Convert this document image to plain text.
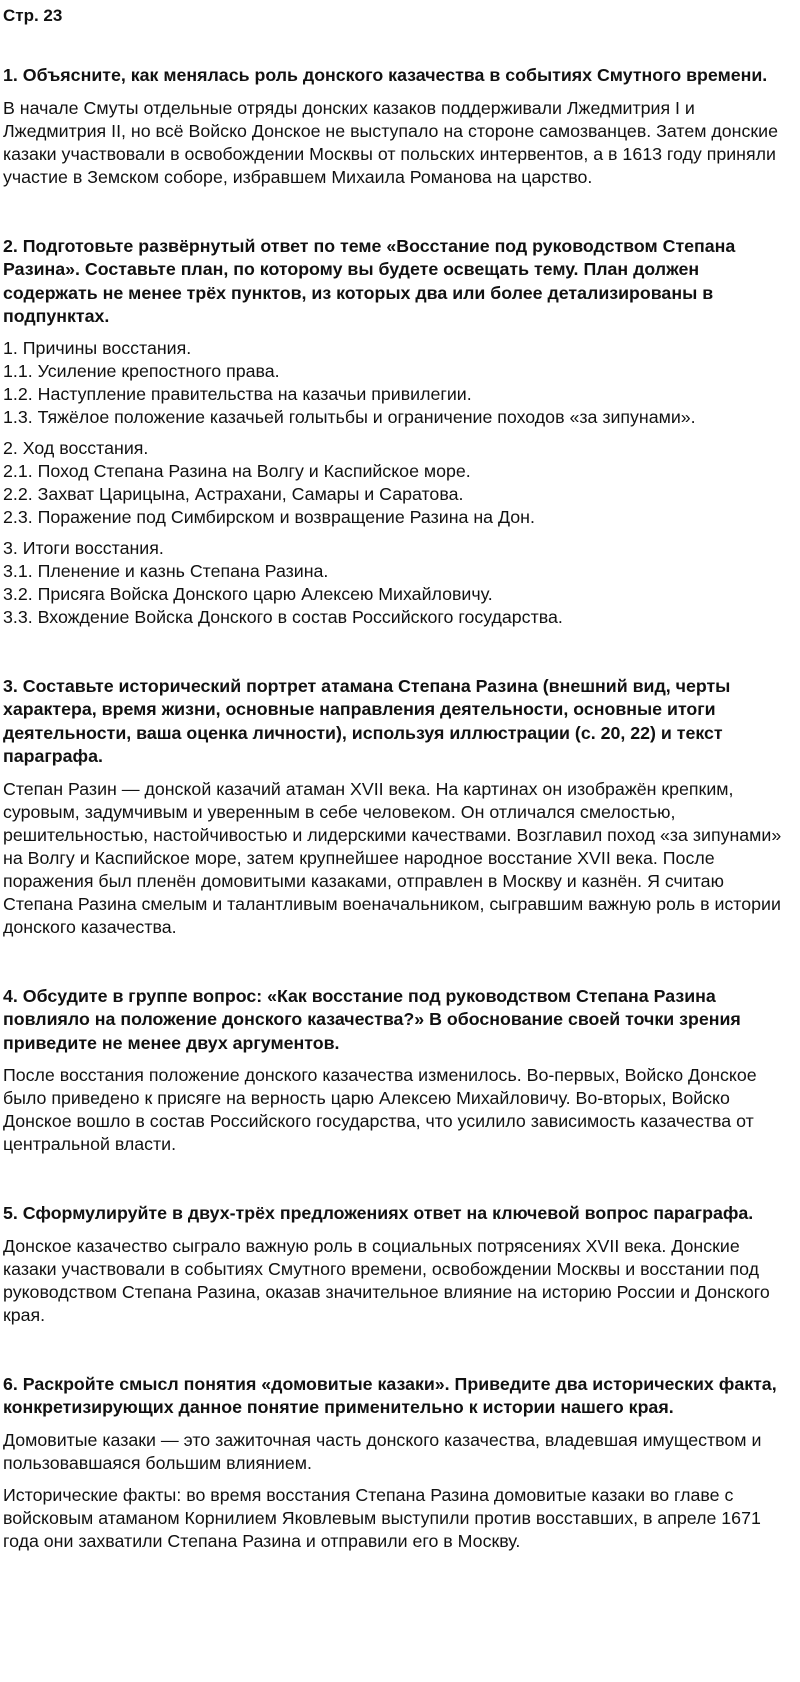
Стр. 23
1. Объясните, как менялась роль донского казачества в событиях Смутного времени.

В начале Смуты отдельные отряды донских казаков поддерживали Лжедмитрия I и Лжедмитрия II, но всё Войско Донское не выступало на стороне самозванцев. Затем донские казаки участвовали в освобождении Москвы от польских интервентов, а в 1613 году приняли участие в Земском соборе, избравшем Михаила Романова на царство.

2. Подготовьте развёрнутый ответ по теме «Восстание под руководством Степана Разина». Составьте план, по которому вы будете освещать тему. План должен содержать не менее трёх пунктов, из которых два или более детализированы в подпунктах.

1. Причины восстания.

1.1. Усиление крепостного права.

1.2. Наступление правительства на казачьи привилегии.

1.3. Тяжёлое положение казачьей голытьбы и ограничение походов «за зипунами».

2. Ход восстания.

2.1. Поход Степана Разина на Волгу и Каспийское море.

2.2. Захват Царицына, Астрахани, Самары и Саратова.

2.3. Поражение под Симбирском и возвращение Разина на Дон.

3. Итоги восстания.

3.1. Пленение и казнь Степана Разина.

3.2. Присяга Войска Донского царю Алексею Михайловичу.

3.3. Вхождение Войска Донского в состав Российского государства.

3. Составьте исторический портрет атамана Степана Разина (внешний вид, черты характера, время жизни, основные направления деятельности, основные итоги деятельности, ваша оценка личности), используя иллюстрации (с. 20, 22) и текст параграфа.

Степан Разин — донской казачий атаман XVII века. На картинах он изображён крепким, суровым, задумчивым и уверенным в себе человеком. Он отличался смелостью, решительностью, настойчивостью и лидерскими качествами. Возглавил поход «за зипунами» на Волгу и Каспийское море, затем крупнейшее народное восстание XVII века. После поражения был пленён домовитыми казаками, отправлен в Москву и казнён. Я считаю Степана Разина смелым и талантливым военачальником, сыгравшим важную роль в истории донского казачества.

4. Обсудите в группе вопрос: «Как восстание под руководством Степана Разина повлияло на положение донского казачества?» В обоснование своей точки зрения приведите не менее двух аргументов.

После восстания положение донского казачества изменилось. Во-первых, Войско Донское было приведено к присяге на верность царю Алексею Михайловичу. Во-вторых, Войско Донское вошло в состав Российского государства, что усилило зависимость казачества от центральной власти.

5. Сформулируйте в двух-трёх предложениях ответ на ключевой вопрос параграфа.

Донское казачество сыграло важную роль в социальных потрясениях XVII века. Донские казаки участвовали в событиях Смутного времени, освобождении Москвы и восстании под руководством Степана Разина, оказав значительное влияние на историю России и Донского края.

6. Раскройте смысл понятия «домовитые казаки». Приведите два исторических факта, конкретизирующих данное понятие применительно к истории нашего края.

Домовитые казаки — это зажиточная часть донского казачества, владевшая имуществом и пользовавшаяся большим влиянием.

Исторические факты: во время восстания Степана Разина домовитые казаки во главе с войсковым атаманом Корнилием Яковлевым выступили против восставших, в апреле 1671 года они захватили Степана Разина и отправили его в Москву.
